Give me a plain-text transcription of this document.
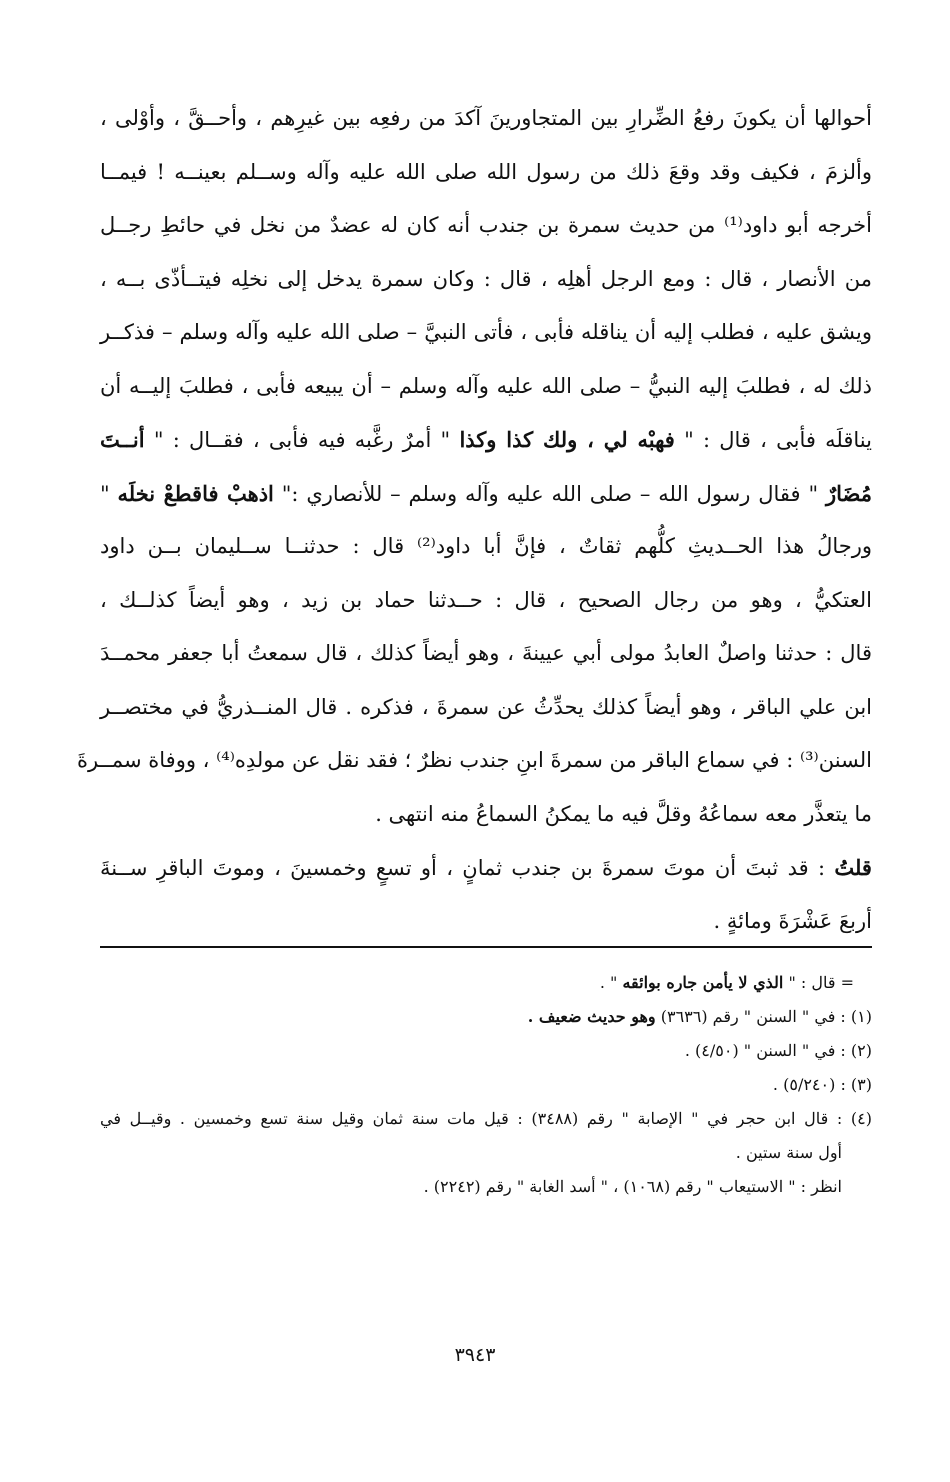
أحوالها أن يكونَ رفعُ الضِّرارِ بين المتجاورينَ آكدَ من رفعِه بين غيرِهم ، وأحــقَّ ، وأوْلى ،
وألزمَ ، فكيف وقد وقعَ ذلك من رسول الله صلى الله عليه وآله وســلم بعينــه ! فيمــا
أخرجه أبو داود⁽¹⁾ من حديث سمرة بن جندب أنه كان له عضدٌ من نخل في حائطِ رجــل
من الأنصار ، قال : ومع الرجل أهلِه ، قال : وكان سمرة يدخل إلى نخلِه فيتــأذّى بــه ،
ويشق عليه ، فطلب إليه أن يناقله فأبى ، فأتى النبيَّ – صلى الله عليه وآله وسلم – فذكــر
ذلك له ، فطلبَ إليه النبيُّ – صلى الله عليه وآله وسلم – أن يبيعه فأبى ، فطلبَ إليــه أن
يناقلَه فأبى ، قال : " فهبْه لي ، ولك كذا وكذا " أمرٌ رغَّبه فيه فأبى ، فقــال : " أنــتَ
مُضَارٌ " فقال رسول الله – صلى الله عليه وآله وسلم – للأنصاري :" اذهبْ فاقطعْ نخلَه "
ورجالُ هذا الحــديثِ كلُّهم ثقاتٌ ، فإنَّ أبا داود⁽²⁾ قال : حدثنــا ســليمان بــن داود
العتكيُّ ، وهو من رجال الصحيح ، قال : حــدثنا حماد بن زيد ، وهو أيضاً كذلــك ،
قال : حدثنا واصلٌ العابدُ مولى أبي عيينةَ ، وهو أيضاً كذلك ، قال سمعتُ أبا جعفر محمــدَ
ابن علي الباقر ، وهو أيضاً كذلك يحدِّثُ عن سمرةَ ، فذكره . قال المنــذريُّ في مختصــر
السنن⁽³⁾ : في سماع الباقر من سمرةَ ابنِ جندب نظرٌ ؛ فقد نقل عن مولدِه⁽⁴⁾ ، ووفاة سمــرةَ
ما يتعذَّر معه سماعُهُ وقلَّ فيه ما يمكنُ السماعُ منه انتهى .
قلتُ : قد ثبتَ أن موتَ سمرةَ بن جندب ثمانٍ ، أو تسعٍ وخمسينَ ، وموتَ الباقرِ ســنةَ
أربعَ عَشْرَةَ ومائةٍ .
= قال : " الذي لا يأمن جاره بوائقه " .
(١) : في " السنن " رقم (٣٦٣٦) وهو حديث ضعيف .
(٢) : في " السنن " (٤/٥٠) .
(٣) : (٥/٢٤٠) .
(٤) : قال ابن حجر في " الإصابة " رقم (٣٤٨٨) : قيل مات سنة ثمان وقيل سنة تسع وخمسين . وقيــل في
أول سنة ستين .
انظر : " الاستيعاب " رقم (١٠٦٨) ، " أسد الغابة " رقم (٢٢٤٢) .
٣٩٤٣
